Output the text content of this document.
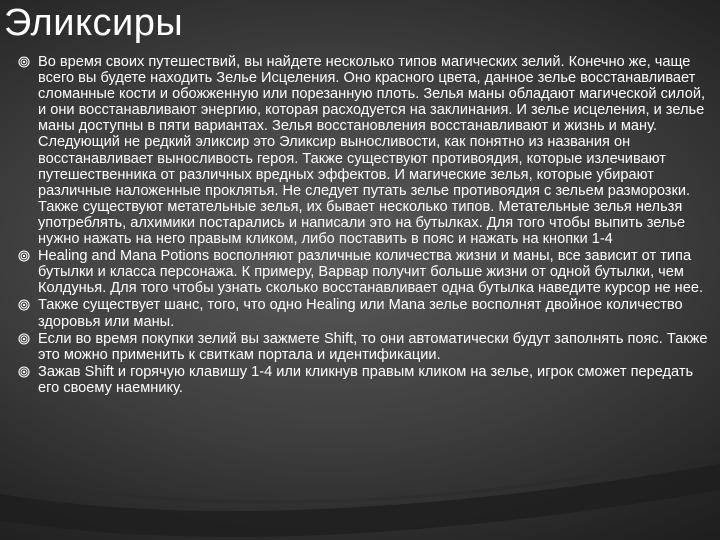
Эликсиры
Во время своих путешествий, вы найдете несколько типов магических зелий. Конечно же, чаще всего вы будете находить Зелье Исцеления. Оно красного цвета, данное зелье восстанавливает сломанные кости и обожженную или порезанную плоть. Зелья маны обладают магической силой, и они восстанавливают энергию, которая расходуется на заклинания. И зелье исцеления, и зелье маны доступны в пяти вариантах. Зелья восстановления восстанавливают и жизнь и ману. Следующий не редкий эликсир это Эликсир выносливости, как понятно из названия он восстанавливает выносливость героя. Также существуют противоядия, которые излечивают путешественника от различных вредных эффектов. И магические зелья, которые убирают различные наложенные проклятья. Не следует путать зелье противоядия с зельем разморозки. Также существуют метательные зелья, их бывает несколько типов. Метательные зелья нельзя употреблять, алхимики постарались и написали это на бутылках. Для того чтобы выпить зелье нужно нажать на него правым кликом, либо поставить в пояс и нажать на кнопки 1-4
Healing and Mana Potions восполняют различные количества жизни и маны, все зависит от типа бутылки и класса персонажа. К примеру, Варвар получит больше жизни от одной бутылки, чем Колдунья. Для того чтобы узнать сколько восстанавливает одна бутылка наведите курсор не нее.
Также существует шанс, того, что одно Healing или Mana зелье восполнят двойное количество здоровья или маны.
Если во время покупки зелий вы зажмете Shift, то они автоматически будут заполнять пояс. Также это можно применить к свиткам портала и идентификации.
Зажав Shift и горячую клавишу 1-4 или кликнув правым кликом на зелье, игрок сможет передать его своему наемнику.
